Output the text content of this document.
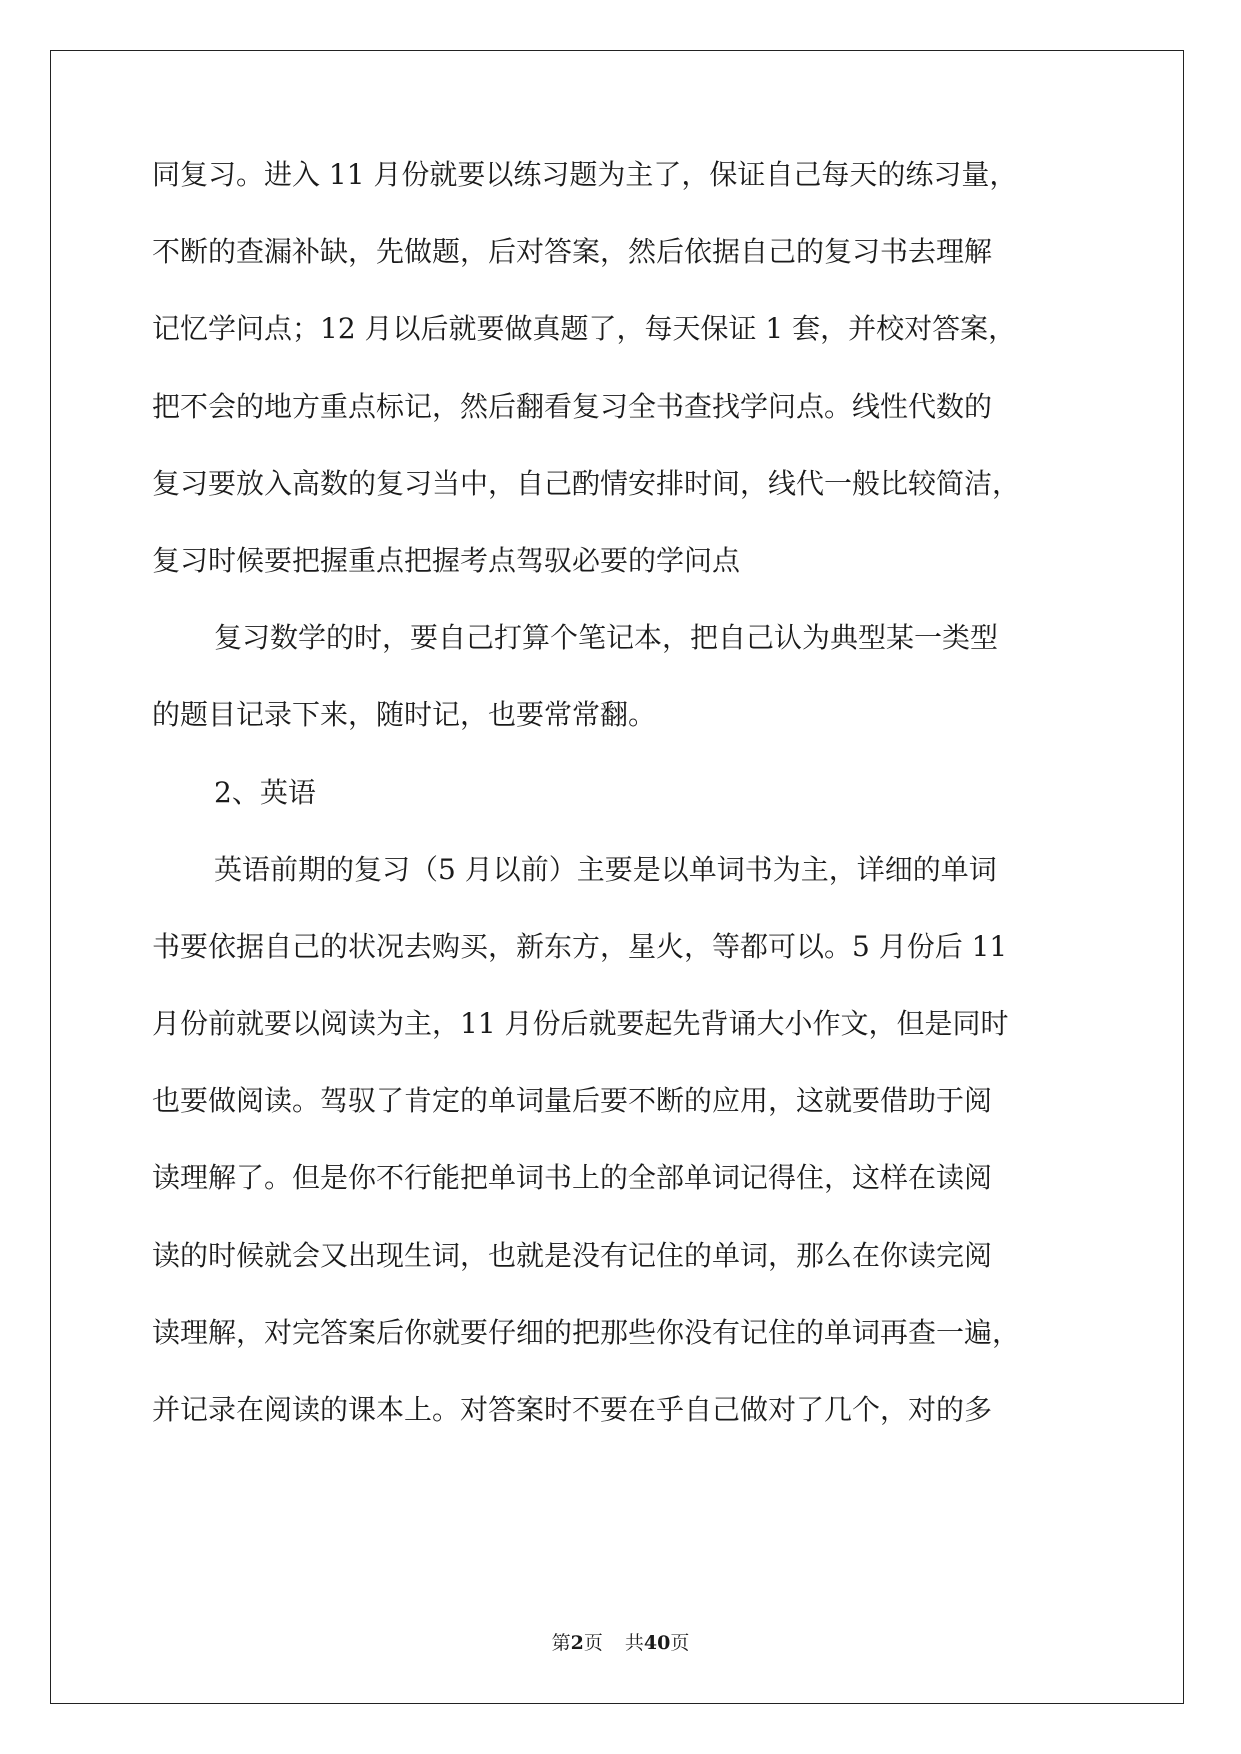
同复习。进入 11 月份就要以练习题为主了，保证自己每天的练习量，
不断的查漏补缺，先做题，后对答案，然后依据自己的复习书去理解
记忆学问点；12 月以后就要做真题了，每天保证 1 套，并校对答案，
把不会的地方重点标记，然后翻看复习全书查找学问点。线性代数的
复习要放入高数的复习当中，自己酌情安排时间，线代一般比较简洁，
复习时候要把握重点把握考点驾驭必要的学问点
复习数学的时，要自己打算个笔记本，把自己认为典型某一类型
的题目记录下来，随时记，也要常常翻。
2、英语
英语前期的复习（5 月以前）主要是以单词书为主，详细的单词
书要依据自己的状况去购买，新东方，星火，等都可以。5 月份后 11
月份前就要以阅读为主，11 月份后就要起先背诵大小作文，但是同时
也要做阅读。驾驭了肯定的单词量后要不断的应用，这就要借助于阅
读理解了。但是你不行能把单词书上的全部单词记得住，这样在读阅
读的时候就会又出现生词，也就是没有记住的单词，那么在你读完阅
读理解，对完答案后你就要仔细的把那些你没有记住的单词再查一遍，
并记录在阅读的课本上。对答案时不要在乎自己做对了几个，对的多
第2页 共40页
